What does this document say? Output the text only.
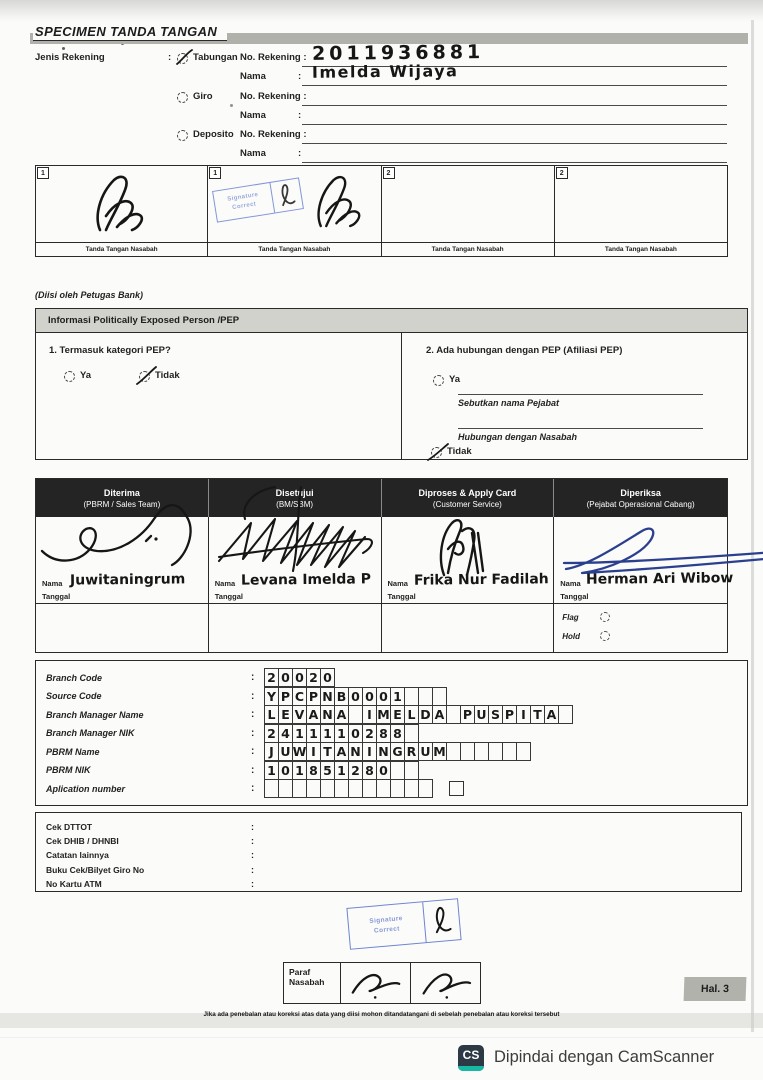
SPECIMEN TANDA TANGAN
Jenis Rekening	: Tabungan No. Rekening : 2011936881
Nama	: Imelda Wijaya
Giro	No. Rekening :
Nama	:
Deposito No. Rekening :
Nama	:
1
Tanda Tangan Nasabah
1
Signature
Correct
Tanda Tangan Nasabah
2
Tanda Tangan Nasabah
2
Tanda Tangan Nasabah
(Diisi oleh Petugas Bank)
Informasi Politically Exposed Person /PEP
1. Termasuk kategori PEP?
Ya	Tidak
2. Ada hubungan dengan PEP (Afiliasi PEP)
Ya
Sebutkan nama Pejabat
Hubungan dengan Nasabah
Tidak
Diterima
(PBRM / Sales Team)
Disetujui
(BM/SBM)
Diproses & Apply Card
(Customer Service)
Diperiksa
(Pejabat Operasional Cabang)
Nama Juwitaningrum
Tanggal
Nama Levana Imelda P
Tanggal
Nama Frika Nur Fadilah
Tanggal
Nama Herman Ari Wibow
Tanggal
Flag
Hold
Branch Code	:	2 0 0 2 0
Source Code	:	Y P C P N B 0 0 0 1
Branch Manager Name	:	L E V A N A	I M E L D A P U S P I T A
Branch Manager NIK	:	2 4 1 1 1 1 0 2 8 8
PBRM Name	:	J U W I T A N I N G R U M
PBRM NIK	:	1 0 1 8 5 1 2 8 0
Aplication number	:
Cek DTTOT	:
Cek DHIB / DHNBI	:
Catatan lainnya	:
Buku Cek/Bilyet Giro No	:
No Kartu ATM	:
Signature
Correct
Paraf
Nasabah
Jika ada penebalan atau koreksi atas data yang diisi mohon ditandatangani di sebelah penebalan atau koreksi tersebut
Hal. 3
CS Dipindai dengan CamScanner
